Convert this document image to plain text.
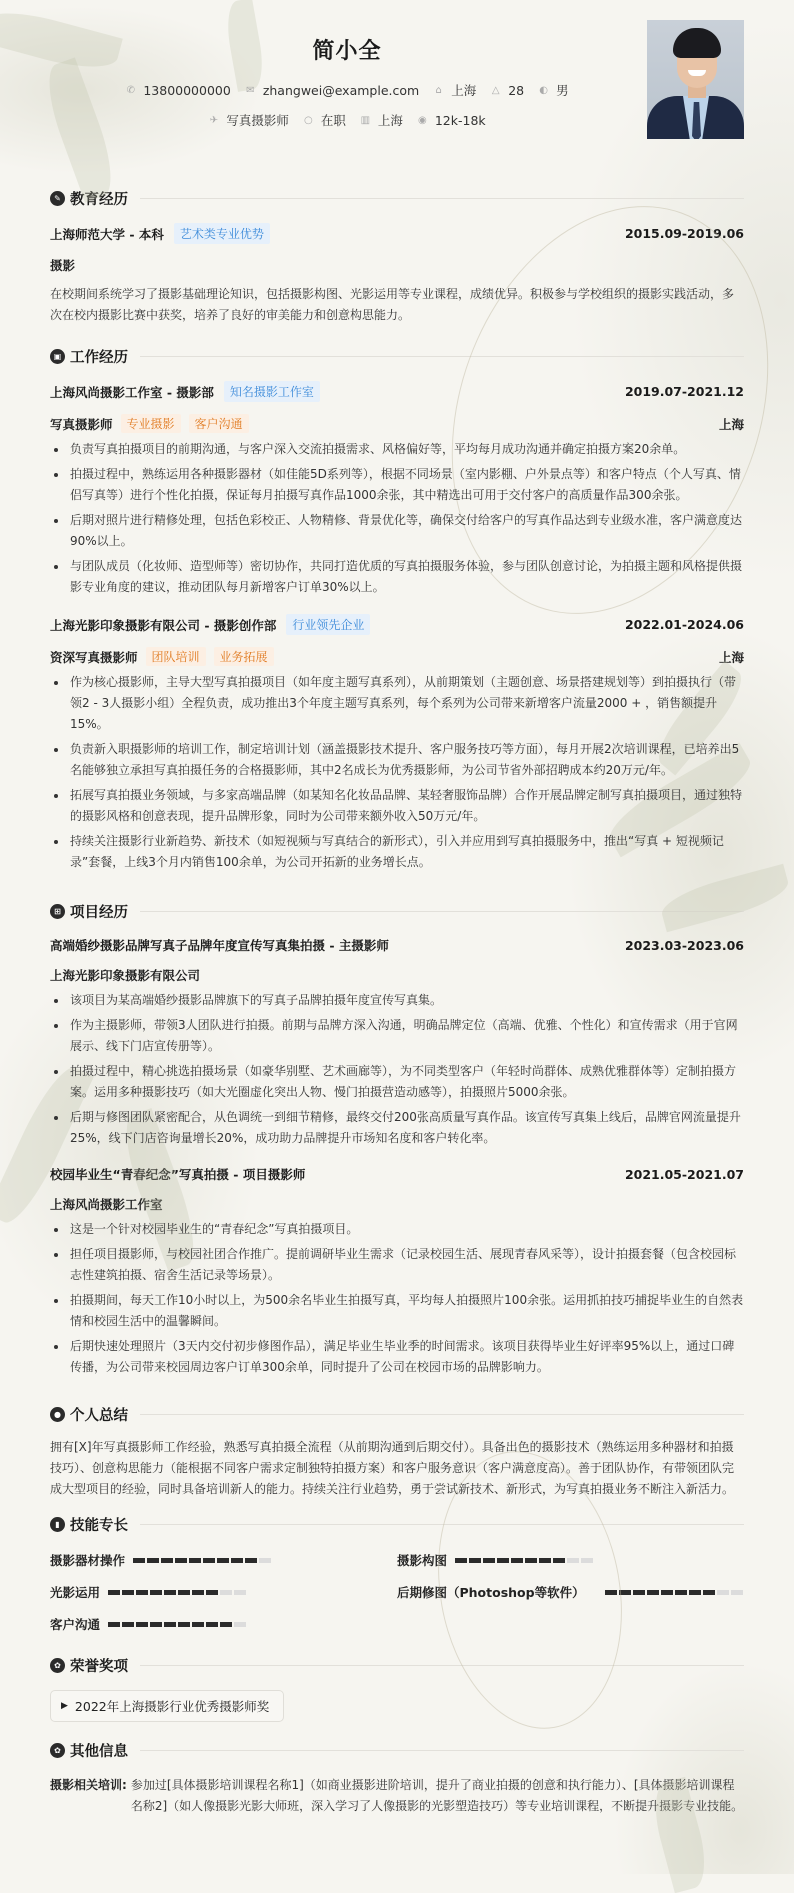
简小全
✆ 13800000000 ✉ zhangwei@example.com ⌂ 上海 △ 28 ◐ 男
✈ 写真摄影师 ○ 在职 ▥ 上海 ◉ 12k-18k
✎ 教育经历
上海师范大学 - 本科	艺术类专业优势	2015.09-2019.06
摄影
在校期间系统学习了摄影基础理论知识，包括摄影构图、光影运用等专业课程，成绩优异。积极参与学校组织的摄影实践活动，多次在校内摄影比赛中获奖，培养了良好的审美能力和创意构思能力。
▣ 工作经历
上海风尚摄影工作室 - 摄影部	知名摄影工作室	2019.07-2021.12
写真摄影师	专业摄影	客户沟通	上海
负责写真拍摄项目的前期沟通，与客户深入交流拍摄需求、风格偏好等，平均每月成功沟通并确定拍摄方案20余单。
拍摄过程中，熟练运用各种摄影器材（如佳能5D系列等），根据不同场景（室内影棚、户外景点等）和客户特点（个人写真、情侣写真等）进行个性化拍摄，保证每月拍摄写真作品1000余张，其中精选出可用于交付客户的高质量作品300余张。
后期对照片进行精修处理，包括色彩校正、人物精修、背景优化等，确保交付给客户的写真作品达到专业级水准，客户满意度达90%以上。
与团队成员（化妆师、造型师等）密切协作，共同打造优质的写真拍摄服务体验，参与团队创意讨论，为拍摄主题和风格提供摄影专业角度的建议，推动团队每月新增客户订单30%以上。
上海光影印象摄影有限公司 - 摄影创作部	行业领先企业	2022.01-2024.06
资深写真摄影师	团队培训	业务拓展	上海
作为核心摄影师，主导大型写真拍摄项目（如年度主题写真系列），从前期策划（主题创意、场景搭建规划等）到拍摄执行（带领2 - 3人摄影小组）全程负责，成功推出3个年度主题写真系列，每个系列为公司带来新增客户流量2000 + ，销售额提升15%。
负责新入职摄影师的培训工作，制定培训计划（涵盖摄影技术提升、客户服务技巧等方面），每月开展2次培训课程，已培养出5名能够独立承担写真拍摄任务的合格摄影师，其中2名成长为优秀摄影师，为公司节省外部招聘成本约20万元/年。
拓展写真拍摄业务领域，与多家高端品牌（如某知名化妆品品牌、某轻奢服饰品牌）合作开展品牌定制写真拍摄项目，通过独特的摄影风格和创意表现，提升品牌形象，同时为公司带来额外收入50万元/年。
持续关注摄影行业新趋势、新技术（如短视频与写真结合的新形式），引入并应用到写真拍摄服务中，推出“写真 + 短视频记录”套餐，上线3个月内销售100余单，为公司开拓新的业务增长点。
⊞ 项目经历
高端婚纱摄影品牌写真子品牌年度宣传写真集拍摄 - 主摄影师	2023.03-2023.06
上海光影印象摄影有限公司
该项目为某高端婚纱摄影品牌旗下的写真子品牌拍摄年度宣传写真集。
作为主摄影师，带领3人团队进行拍摄。前期与品牌方深入沟通，明确品牌定位（高端、优雅、个性化）和宣传需求（用于官网展示、线下门店宣传册等）。
拍摄过程中，精心挑选拍摄场景（如豪华别墅、艺术画廊等），为不同类型客户（年轻时尚群体、成熟优雅群体等）定制拍摄方案。运用多种摄影技巧（如大光圈虚化突出人物、慢门拍摄营造动感等），拍摄照片5000余张。
后期与修图团队紧密配合，从色调统一到细节精修，最终交付200张高质量写真作品。该宣传写真集上线后，品牌官网流量提升25%，线下门店咨询量增长20%，成功助力品牌提升市场知名度和客户转化率。
校园毕业生“青春纪念”写真拍摄 - 项目摄影师	2021.05-2021.07
上海风尚摄影工作室
这是一个针对校园毕业生的“青春纪念”写真拍摄项目。
担任项目摄影师，与校园社团合作推广。提前调研毕业生需求（记录校园生活、展现青春风采等），设计拍摄套餐（包含校园标志性建筑拍摄、宿舍生活记录等场景）。
拍摄期间，每天工作10小时以上，为500余名毕业生拍摄写真，平均每人拍摄照片100余张。运用抓拍技巧捕捉毕业生的自然表情和校园生活中的温馨瞬间。
后期快速处理照片（3天内交付初步修图作品），满足毕业生毕业季的时间需求。该项目获得毕业生好评率95%以上，通过口碑传播，为公司带来校园周边客户订单300余单，同时提升了公司在校园市场的品牌影响力。
● 个人总结
拥有[X]年写真摄影师工作经验，熟悉写真拍摄全流程（从前期沟通到后期交付）。具备出色的摄影技术（熟练运用多种器材和拍摄技巧）、创意构思能力（能根据不同客户需求定制独特拍摄方案）和客户服务意识（客户满意度高）。善于团队协作，有带领团队完成大型项目的经验，同时具备培训新人的能力。持续关注行业趋势，勇于尝试新技术、新形式，为写真拍摄业务不断注入新活力。
▮ 技能专长
摄影器材操作	摄影构图
光影运用	后期修图（Photoshop等软件）
客户沟通
✿ 荣誉奖项
▶ 2022年上海摄影行业优秀摄影师奖
✿ 其他信息
摄影相关培训: 参加过[具体摄影培训课程名称1]（如商业摄影进阶培训，提升了商业拍摄的创意和执行能力）、[具体摄影培训课程名称2]（如人像摄影光影大师班，深入学习了人像摄影的光影塑造技巧）等专业培训课程，不断提升摄影专业技能。
